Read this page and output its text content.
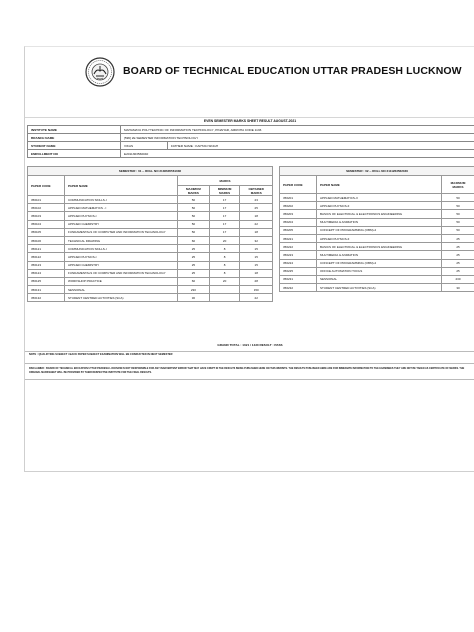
BOARD OF TECHNICAL EDUCATION UTTAR PRADESH LUCKNOW
EVEN SEMESTER MARKS SHEET RESULT AUGUST-2021
INSTITUTE NAME	MAHAMAYA POLYTECHNIC OF INFORMATION TECHNOLOGY ,PINAHAR, AMROHA CODE 1136	
BRANCH NAME	[596] 2E SEMESTER INFORMATION TECHNOLOGY	
STUDENT NAME	VIKAS	FATHER NAME : KAPTAN SINGH
ENROLLMENT NO	E2011363560040	
SEMESTER : 01 -- ROLL NO 2136635561036				
PAPER CODE	PAPER NAME	MARKS		
		MAXIMUM MARKS	MINIMUM MARKS	OBTAINED MARKS
356101	COMMUNICATION SKILLS-I	50	17	23
356102	APPLIED MATHEMATICS - I	50	17	25
356103	APPLIED PHYSICS-I	50	17	18
356104	APPLIED CHEMISTRY	50	17	22
356105	FUNDAMENTALS OF COMPUTER AND INFORMATION TECHNOLOGY	50	17	18
356106	TECHNICAL DRAWING	60	20	32
356121	COMMUNICATION SKILLS-I	25	8	15
356122	APPLIED PHYSICS-I	25	8	15
356123	APPLIED CHEMISTRY	25	8	15
356124	FUNDAMENTALS OF COMPUTER AND INFORMATION TECHNOLOGY	25	8	18
356125	WORKSHOP PRACTICE	60	20	28
356131	SESSIONAL	230		150
356132	STUDENT CENTRED ACTIVITIES (SCA)	30		22
SEMESTER : 02 -- ROLL NO 2111263562046		
PAPER CODE	PAPER NAME	MAXIMUM MARKS
356201	APPLIED MATHEMATICS-II	50
356202	APPLIED PHYSICS-II	50
356203	BASICS OF ELECTRICAL & ELECTRONICS ENGINEERING	50
356204	MULTIMEDIA & ANIMATION	50
356205	CONCEPT OF PROGRAMMING (OBM)-2	50
356221	APPLIED PHYSICS-II	25
356222	BASICS OF ELECTRICAL & ELECTRONICS ENGINEERING	25
356223	MULTIMEDIA & ANIMATION	25
356224	CONCEPT OF PROGRAMMING (OBM)-2	25
356225	OFFICE AUTOMATION TOOLS	25
356231	SESSIONAL	230
356232	STUDENT CENTRED ACTIVITIES (SCA)	30
GRAND TOTAL : 1021 / 1430 RESULT : PASS
NOTE : QUALIFYING SUBJECT / BACK PAPER SUBJECT EXAMINATION WILL BE CONDUCTED IN NEXT SEMESTER
DISCLAIMER : BOARD OF TECHNICAL EDUCATION UTTAR PRADESH LUCKNOW IS NOT RESPONSIBLE FOR ANY INADVERTENT ERROR THAT MAY HAVE CREPT IN THE RESULTS BEING PUBLISHED HERE ON THIS WEBSITE. THE RESULTS PUBLISHED HERE ARE FOR IMMEDIATE INFORMATION TO THE EXAMINEES THEY ARE NOT BE TAKEN AS CERTIFICATE OF MARKS. THE ORIGINAL MARKSHEET WILL BE PROVIDED BY THEIR RESPECTIVE INSTITUTE FOR THE FINAL RESULTS.
